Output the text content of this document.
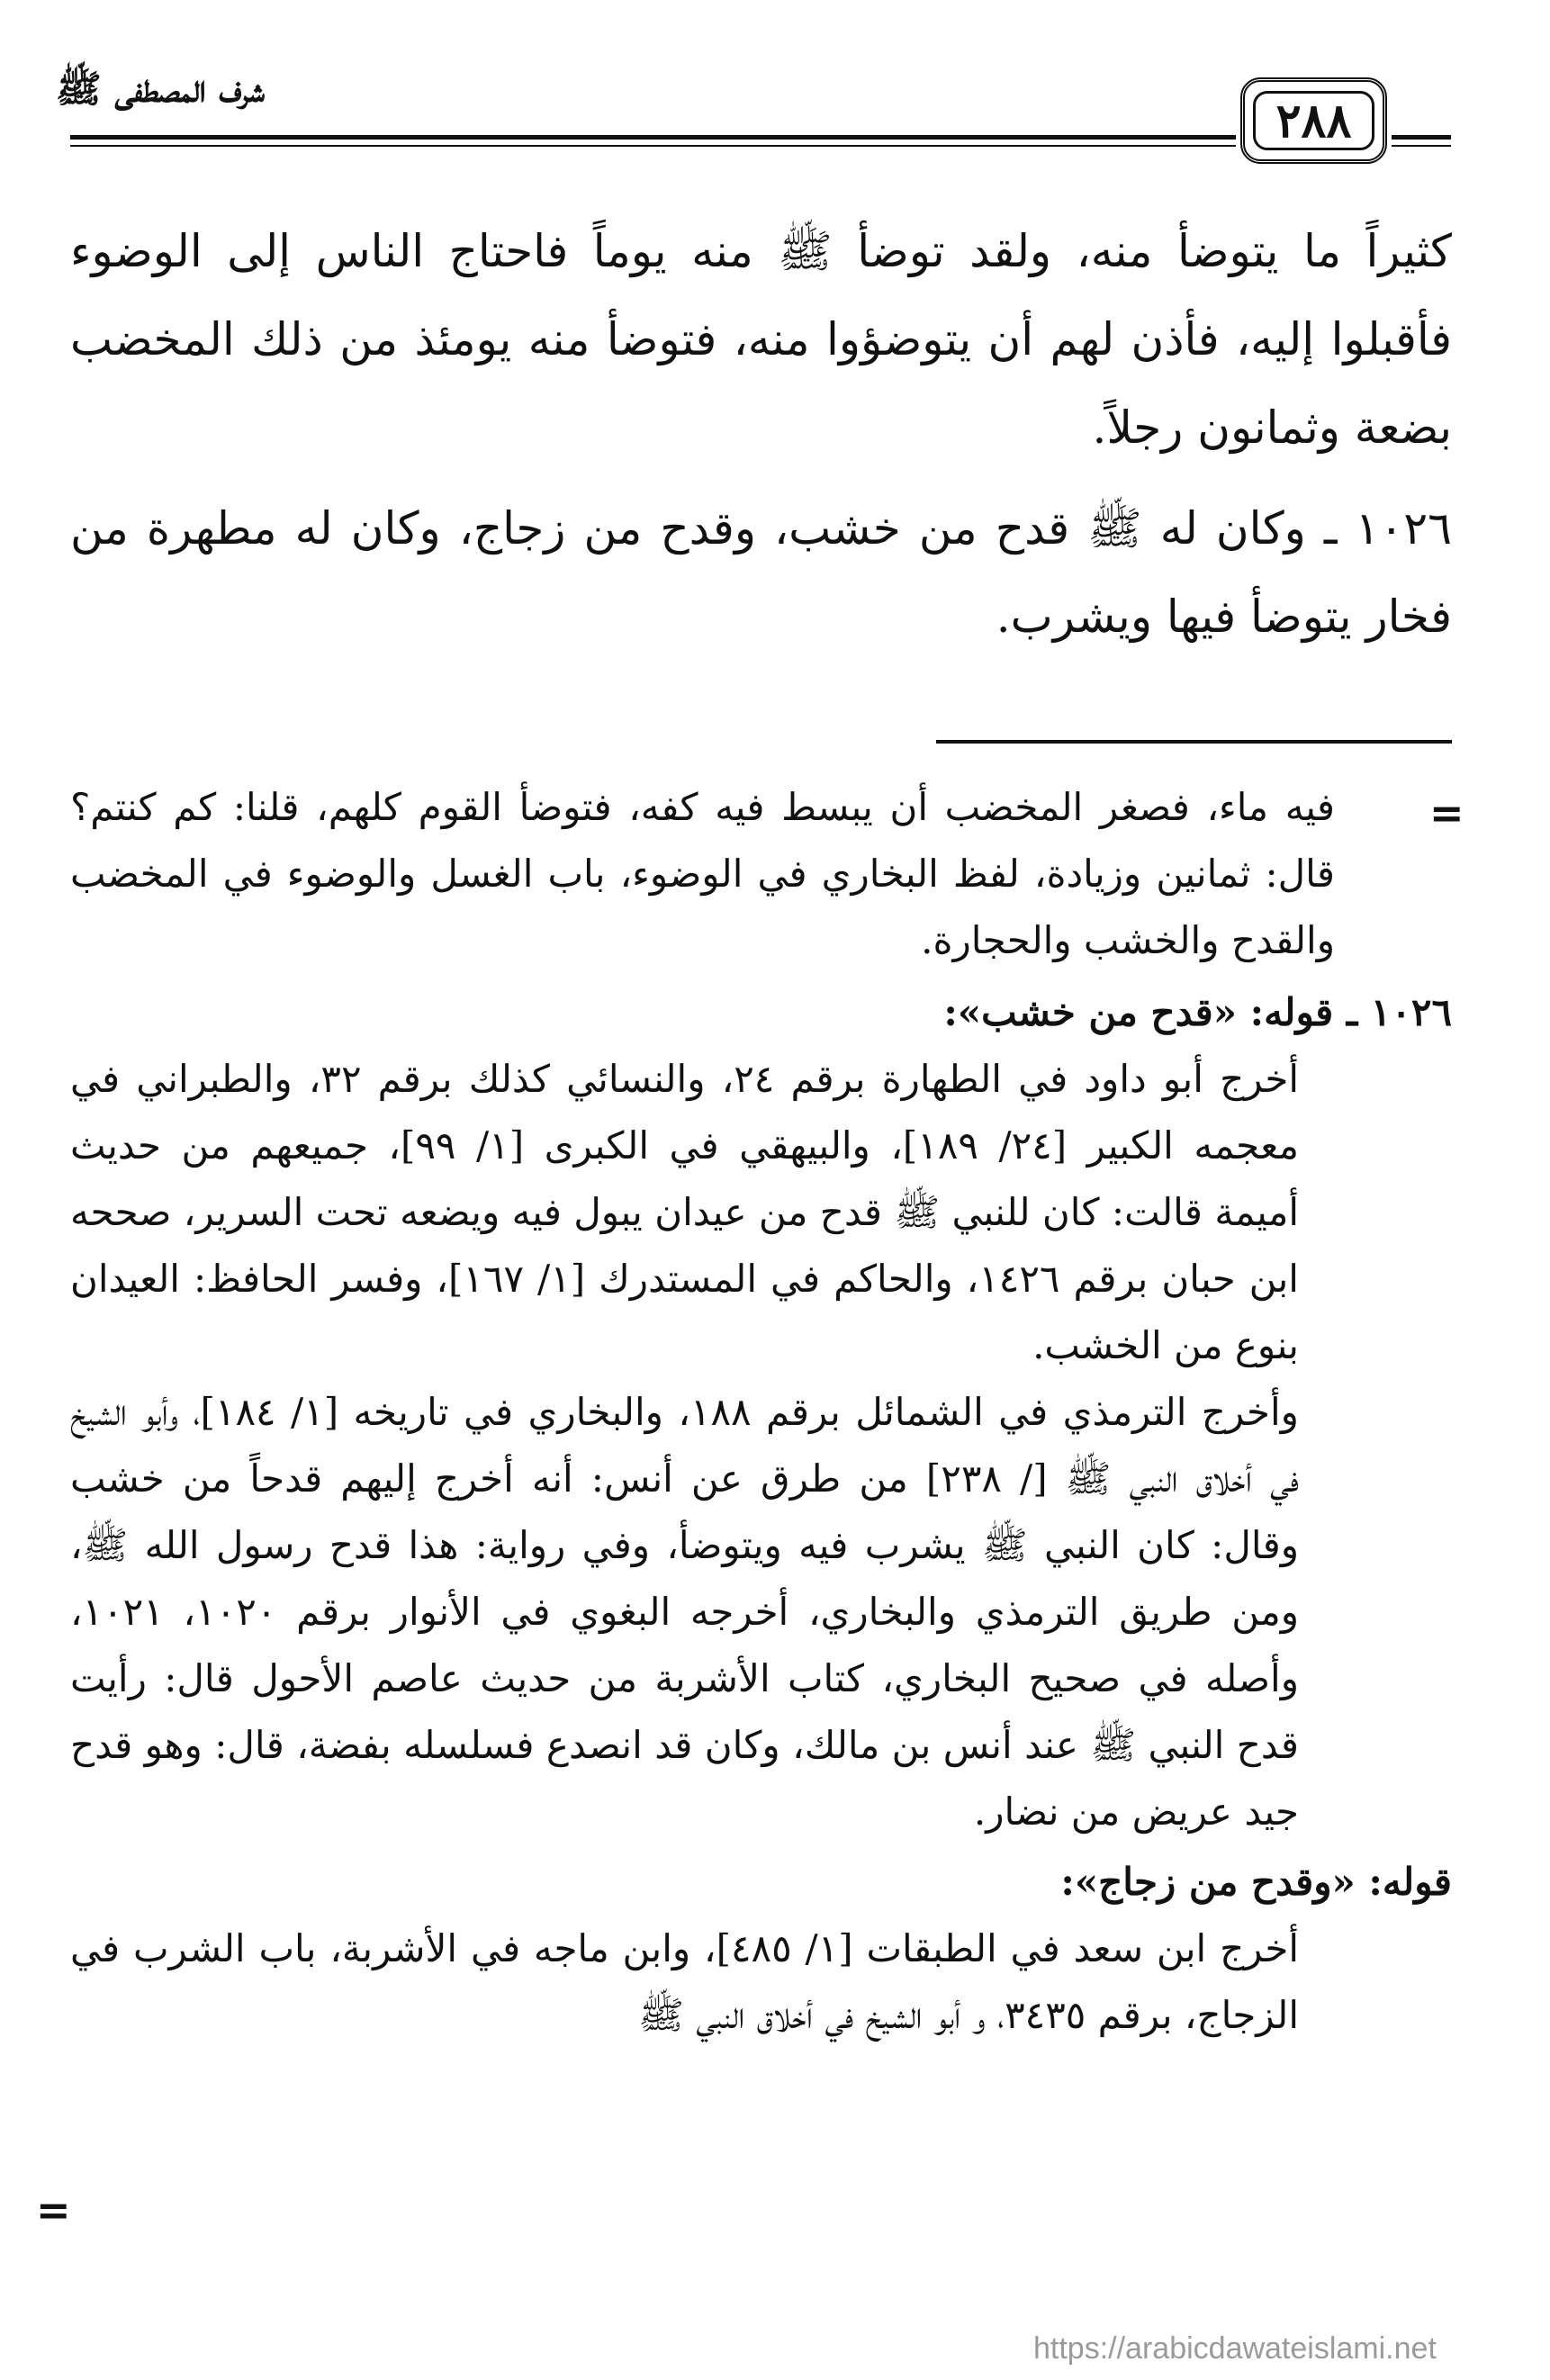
شرف المصطفى ﷺ
٢٨٨

كثيراً ما يتوضأ منه، ولقد توضأ ﷺ منه يوماً فاحتاج الناس إلى الوضوء فأقبلوا إليه، فأذن لهم أن يتوضؤوا منه، فتوضأ منه يومئذ من ذلك المخضب بضعة وثمانون رجلاً.

١٠٢٦ ـ وكان له ﷺ قدح من خشب، وقدح من زجاج، وكان له مطهرة من فخار يتوضأ فيها ويشرب.

=

فيه ماء، فصغر المخضب أن يبسط فيه كفه، فتوضأ القوم كلهم، قلنا: كم كنتم؟ قال: ثمانين وزيادة، لفظ البخاري في الوضوء، باب الغسل والوضوء في المخضب والقدح والخشب والحجارة.

١٠٢٦ ـ قوله: «قدح من خشب»:

أخرج أبو داود في الطهارة برقم ٢٤، والنسائي كذلك برقم ٣٢، والطبراني في معجمه الكبير [٢٤/ ١٨٩]، والبيهقي في الكبرى [١/ ٩٩]، جميعهم من حديث أميمة قالت: كان للنبي ﷺ قدح من عيدان يبول فيه ويضعه تحت السرير، صححه ابن حبان برقم ١٤٢٦، والحاكم في المستدرك [١/ ١٦٧]، وفسر الحافظ: العيدان بنوع من الخشب.

وأخرج الترمذي في الشمائل برقم ١٨٨، والبخاري في تاريخه [١/ ١٨٤]، وأبو الشيخ في أخلاق النبي ﷺ [/ ٢٣٨] من طرق عن أنس: أنه أخرج إليهم قدحاً من خشب وقال: كان النبي ﷺ يشرب فيه ويتوضأ، وفي رواية: هذا قدح رسول الله ﷺ، ومن طريق الترمذي والبخاري، أخرجه البغوي في الأنوار برقم ١٠٢٠، ١٠٢١، وأصله في صحيح البخاري، كتاب الأشربة من حديث عاصم الأحول قال: رأيت قدح النبي ﷺ عند أنس بن مالك، وكان قد انصدع فسلسله بفضة، قال: وهو قدح جيد عريض من نضار.

قوله: «وقدح من زجاج»:

أخرج ابن سعد في الطبقات [١/ ٤٨٥]، وابن ماجه في الأشربة، باب الشرب في الزجاج، برقم ٣٤٣٥، و أبو الشيخ في أخلاق النبي ﷺ

=
https://arabicdawateislami.net
